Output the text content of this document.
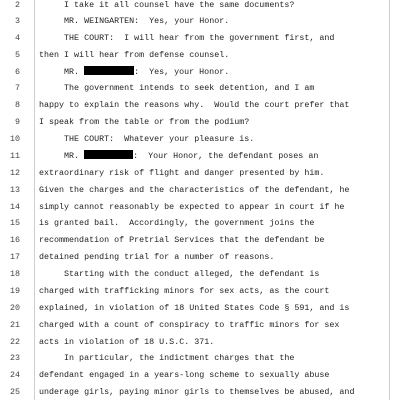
2 I take it all counsel have the same documents?
3 MR. WEINGARTEN:  Yes, your Honor.
4 THE COURT:  I will hear from the government first, and
5 then I will hear from defense counsel.
6 MR.	:  Yes, your Honor.
7 The government intends to seek detention, and I am
8 happy to explain the reasons why.  Would the court prefer that
9 I speak from the table or from the podium?
10 THE COURT:  Whatever your pleasure is.
11 MR.	:  Your Honor, the defendant poses an
12 extraordinary risk of flight and danger presented by him.
13 Given the charges and the characteristics of the defendant, he
14 simply cannot reasonably be expected to appear in court if he
15 is granted bail.  Accordingly, the government joins the
16 recommendation of Pretrial Services that the defendant be
17 detained pending trial for a number of reasons.
18 Starting with the conduct alleged, the defendant is
19 charged with trafficking minors for sex acts, as the court
20 explained, in violation of 18 United States Code § 591, and is
21 charged with a count of conspiracy to traffic minors for sex
22 acts in violation of 18 U.S.C. 371.
23 In particular, the indictment charges that the
24 defendant engaged in a years-long scheme to sexually abuse
25 underage girls, paying minor girls to themselves be abused, and
